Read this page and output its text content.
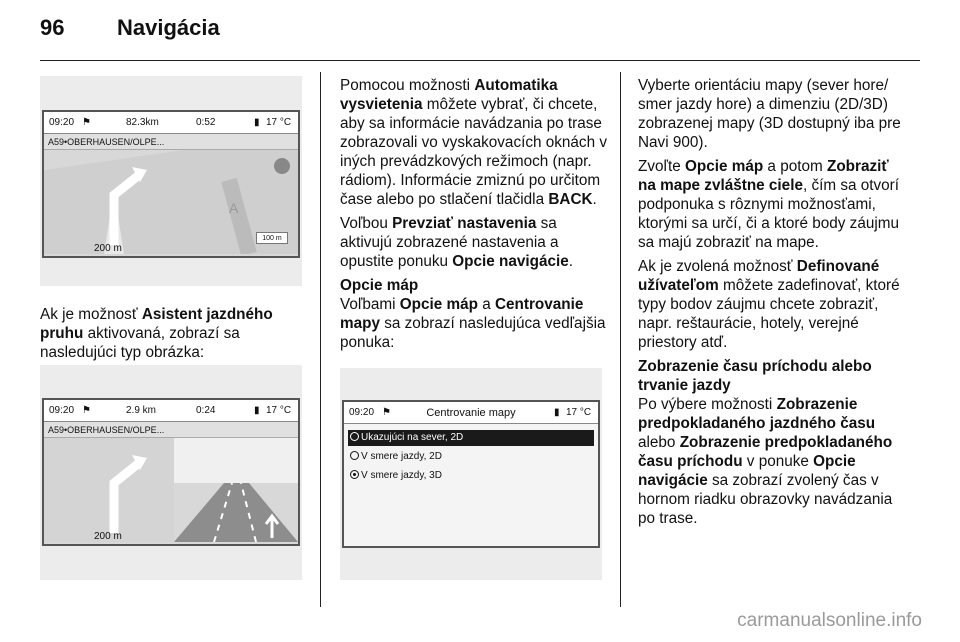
96 Navigácia
09:20 ⚑	82.3km	0:52	▮ 17 °C
A59•OBERHAUSEN/OLPE...
200 m
A
100 m

Ak je možnosť Asistent jazdného pruhu aktivovaná, zobrazí sa nasledujúci typ obrázka:

09:20 ⚑	2.9 km	0:24	▮ 17 °C
A59•OBERHAUSEN/OLPE...
200 m

Pomocou možnosti Automatika vysvietenia môžete vybrať, či chcete, aby sa informácie navádzania po trase zobrazovali vo vyskakovacích oknách v iných prevádzkových režimoch (napr. rádiom). Informácie zmiznú po určitom čase alebo po stlačení tlačidla BACK.

Voľbou Prevziať nastavenia sa aktivujú zobrazené nastavenia a opustite ponuku Opcie navigácie.

Opcie máp

Voľbami Opcie máp a Centrovanie mapy sa zobrazí nasledujúca vedľajšia ponuka:

09:20 ⚑	Centrovanie mapy	▮ 17 °C
Ukazujúci na sever, 2D
V smere jazdy, 2D
V smere jazdy, 3D

Vyberte orientáciu mapy (sever hore/ smer jazdy hore) a dimenziu (2D/3D) zobrazenej mapy (3D dostupný iba pre Navi 900).

Zvoľte Opcie máp a potom Zobraziť na mape zvláštne ciele, čím sa otvorí podponuka s rôznymi možnosťami, ktorými sa určí, či a ktoré body záujmu sa majú zobraziť na mape.

Ak je zvolená možnosť Definované užívateľom môžete zadefinovať, ktoré typy bodov záujmu chcete zobraziť, napr. reštaurácie, hotely, verejné priestory atď.

Zobrazenie času príchodu alebo trvanie jazdy

Po výbere možnosti Zobrazenie predpokladaného jazdného času alebo Zobrazenie predpokladaného času príchodu v ponuke Opcie navigácie sa zobrazí zvolený čas v hornom riadku obrazovky navádzania po trase.

carmanualsonline.info
